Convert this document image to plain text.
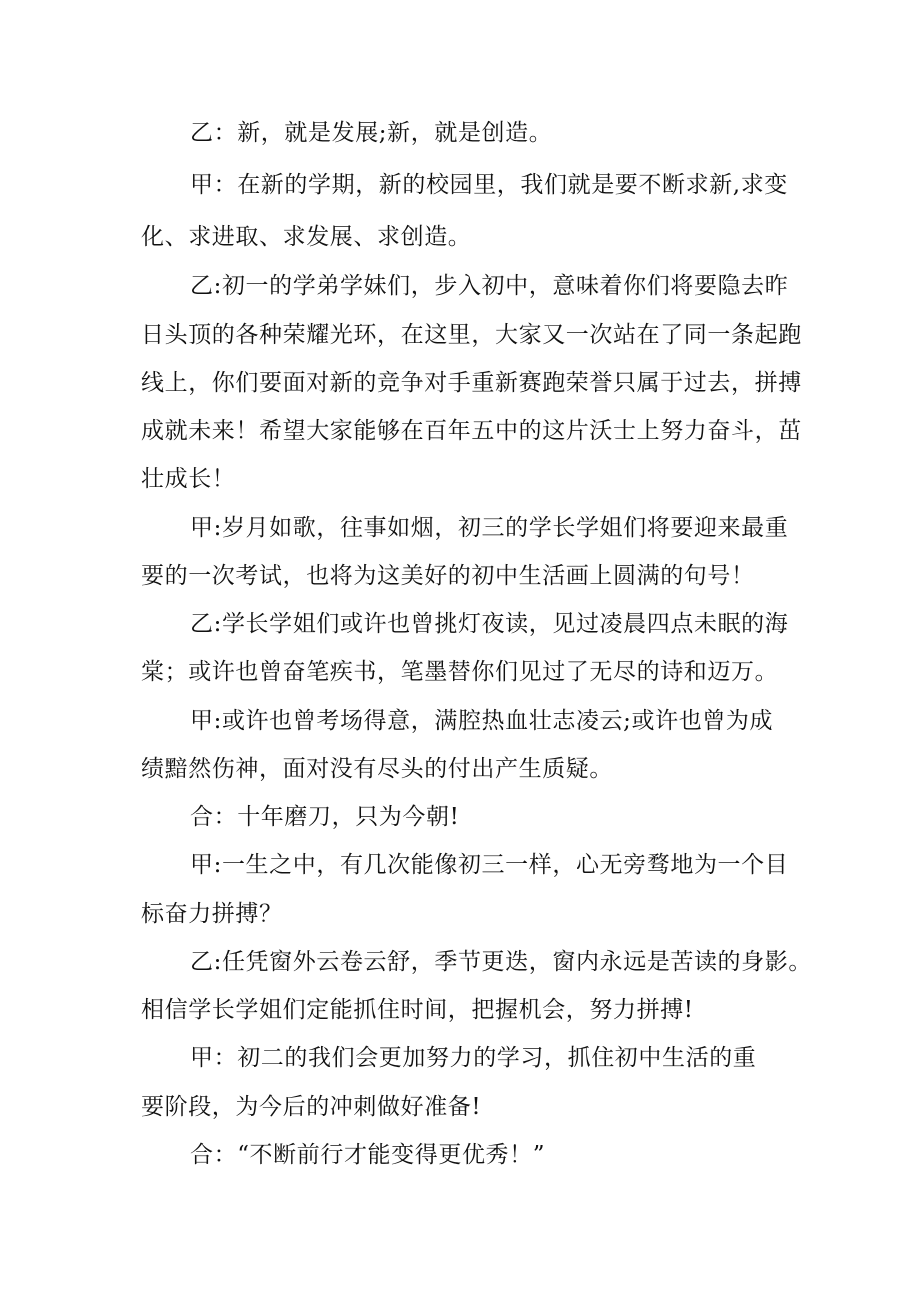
乙：新，就是发展;新，就是创造。
甲：在新的学期，新的校园里，我们就是要不断求新,求变
化、求进取、求发展、求创造。
乙:初一的学弟学妹们，步入初中，意味着你们将要隐去昨
日头顶的各种荣耀光环，在这里，大家又一次站在了同一条起跑
线上，你们要面对新的竞争对手重新赛跑荣誉只属于过去，拼搏
成就未来！希望大家能够在百年五中的这片沃士上努力奋斗，茁
壮成长！
甲:岁月如歌，往事如烟，初三的学长学姐们将要迎来最重
要的一次考试，也将为这美好的初中生活画上圆满的句号！
乙:学长学姐们或许也曾挑灯夜读，见过凌晨四点未眠的海
棠；或许也曾奋笔疾书，笔墨替你们见过了无尽的诗和迈万。
甲:或许也曾考场得意，满腔热血壮志凌云;或许也曾为成
绩黯然伤神，面对没有尽头的付出产生质疑。
合：十年磨刀，只为今朝!
甲:一生之中，有几次能像初三一样，心无旁骛地为一个目
标奋力拼搏？
乙:任凭窗外云卷云舒，季节更迭，窗内永远是苦读的身影。
相信学长学姐们定能抓住时间，把握机会，努力拼搏!
甲：初二的我们会更加努力的学习，抓住初中生活的重
要阶段，为今后的冲刺做好准备!
合：“不断前行才能变得更优秀！”
